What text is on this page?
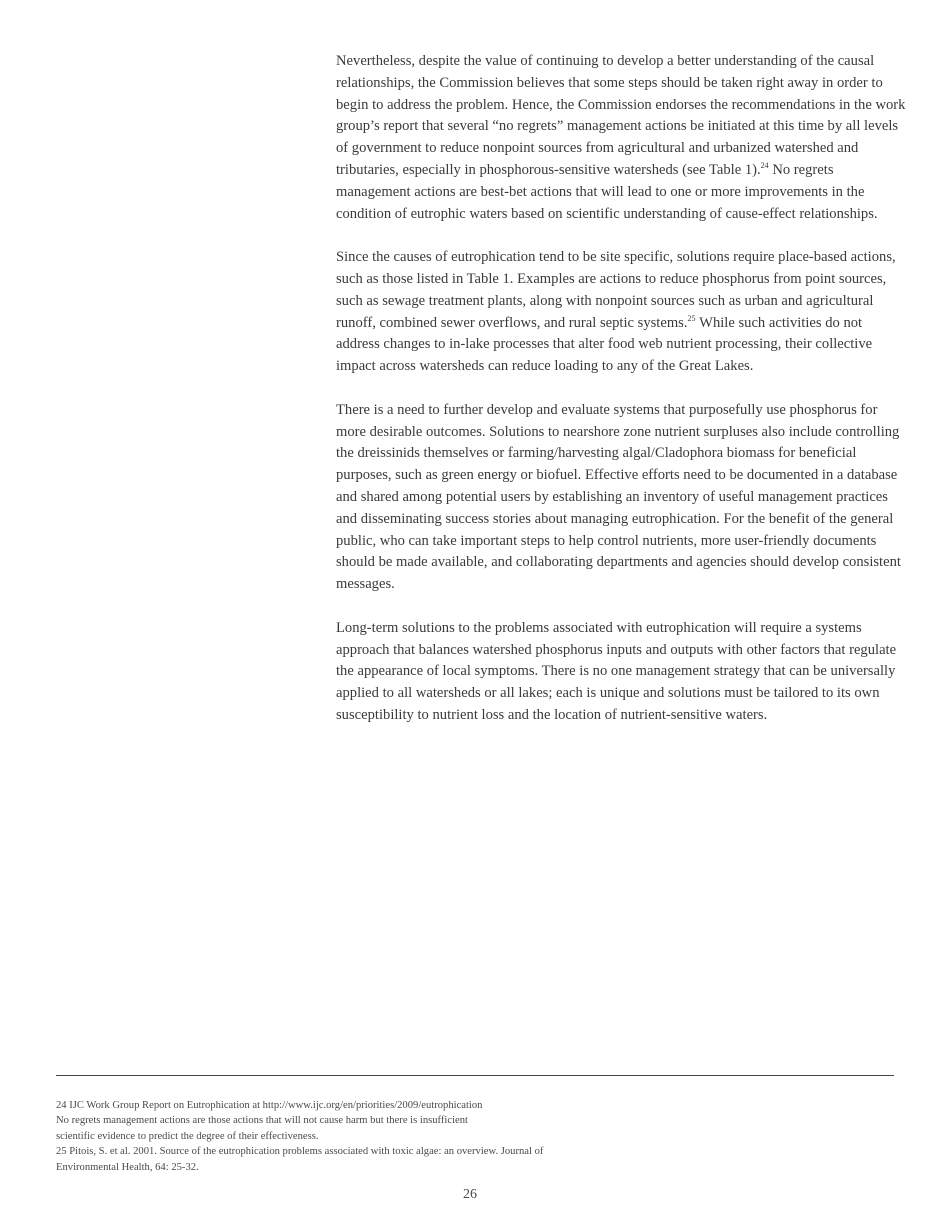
Nevertheless, despite the value of continuing to develop a better understanding of the causal relationships, the Commission believes that some steps should be taken right away in order to begin to address the problem. Hence, the Commission endorses the recommendations in the work group’s report that several “no regrets” management actions be initiated at this time by all levels of government to reduce nonpoint sources from agricultural and urbanized watershed and tributaries, especially in phosphorous-sensitive watersheds (see Table 1).$^{24}$ No regrets management actions are best-bet actions that will lead to one or more improvements in the condition of eutrophic waters based on scientific understanding of cause-effect relationships.

Since the causes of eutrophication tend to be site specific, solutions require place-based actions, such as those listed in Table 1. Examples are actions to reduce phosphorus from point sources, such as sewage treatment plants, along with nonpoint sources such as urban and agricultural runoff, combined sewer overflows, and rural septic systems.$^{25}$ While such activities do not address changes to in-lake processes that alter food web nutrient processing, their collective impact across watersheds can reduce loading to any of the Great Lakes.

There is a need to further develop and evaluate systems that purposefully use phosphorus for more desirable outcomes. Solutions to nearshore zone nutrient surpluses also include controlling the dreissinids themselves or farming/harvesting algal/Cladophora biomass for beneficial purposes, such as green energy or biofuel. Effective efforts need to be documented in a database and shared among potential users by establishing an inventory of useful management practices and disseminating success stories about managing eutrophication. For the benefit of the general public, who can take important steps to help control nutrients, more user-friendly documents should be made available, and collaborating departments and agencies should develop consistent messages.

Long-term solutions to the problems associated with eutrophication will require a systems approach that balances watershed phosphorus inputs and outputs with other factors that regulate the appearance of local symptoms. There is no one management strategy that can be universally applied to all watersheds or all lakes; each is unique and solutions must be tailored to its own susceptibility to nutrient loss and the location of nutrient-sensitive waters.

24 IJC Work Group Report on Eutrophication at http://www.ijc.org/en/priorities/2009/eutrophication
No regrets management actions are those actions that will not cause harm but there is insufficient
scientific evidence to predict the degree of their effectiveness.
25 Pitois, S. et al. 2001. Source of the eutrophication problems associated with toxic algae: an overview. Journal of
Environmental Health, 64: 25-32.
26
